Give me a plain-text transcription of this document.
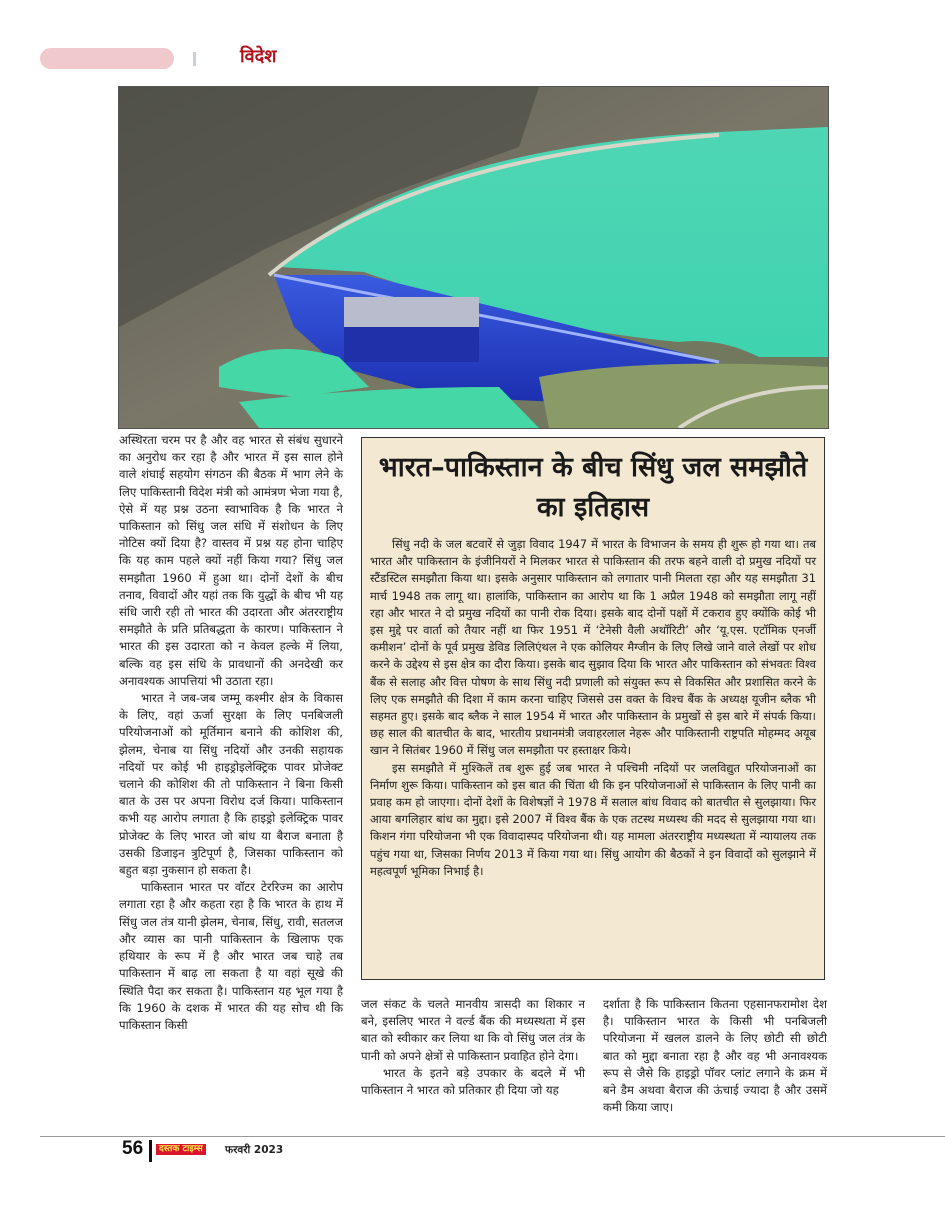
विदेश

अस्थिरता चरम पर है और वह भारत से संबंध सुधारने का अनुरोध कर रहा है और भारत में इस साल होने वाले शंघाई सहयोग संगठन की बैठक में भाग लेने के लिए पाकिस्तानी विदेश मंत्री को आमंत्रण भेजा गया है, ऐसे में यह प्रश्न उठना स्वाभाविक है कि भारत ने पाकिस्तान को सिंधु जल संधि में संशोधन के लिए नोटिस क्यों दिया है? वास्तव में प्रश्न यह होना चाहिए कि यह काम पहले क्यों नहीं किया गया? सिंधु जल समझौता 1960 में हुआ था। दोनों देशों के बीच तनाव, विवादों और यहां तक कि युद्धों के बीच भी यह संधि जारी रही तो भारत की उदारता और अंतरराष्ट्रीय समझौते के प्रति प्रतिबद्धता के कारण। पाकिस्तान ने भारत की इस उदारता को न केवल हल्के में लिया, बल्कि वह इस संधि के प्रावधानों की अनदेखी कर अनावश्यक आपत्तियां भी उठाता रहा।

भारत ने जब-जब जम्मू कश्मीर क्षेत्र के विकास के लिए, वहां ऊर्जा सुरक्षा के लिए पनबिजली परियोजनाओं को मूर्तिमान बनाने की कोशिश की, झेलम, चेनाब या सिंधु नदियों और उनकी सहायक नदियों पर कोई भी हाइड्रोइलेक्ट्रिक पावर प्रोजेक्ट चलाने की कोशिश की तो पाकिस्तान ने बिना किसी बात के उस पर अपना विरोध दर्ज किया। पाकिस्तान कभी यह आरोप लगाता है कि हाइड्रो इलेक्ट्रिक पावर प्रोजेक्ट के लिए भारत जो बांध या बैराज बनाता है उसकी डिजाइन त्रुटिपूर्ण है, जिसका पाकिस्तान को बहुत बड़ा नुकसान हो सकता है।

पाकिस्तान भारत पर वॉटर टेररिज्म का आरोप लगाता रहा है और कहता रहा है कि भारत के हाथ में सिंधु जल तंत्र यानी झेलम, चेनाब, सिंधु, रावी, सतलज और व्यास का पानी पाकिस्तान के खिलाफ एक हथियार के रूप में है और भारत जब चाहे तब पाकिस्तान में बाढ़ ला सकता है या वहां सूखे की स्थिति पैदा कर सकता है। पाकिस्तान यह भूल गया है कि 1960 के दशक में भारत की यह सोच थी कि पाकिस्तान किसी

भारत–पाकिस्तान के बीच सिंधु जल समझौते का इतिहास

सिंधु नदी के जल बटवारें से जुड़ा विवाद 1947 में भारत के विभाजन के समय ही शुरू हो गया था। तब भारत और पाकिस्तान के इंजीनियरों ने मिलकर भारत से पाकिस्तान की तरफ बहने वाली दो प्रमुख नदियों पर स्टैंडस्टिल समझौता किया था। इसके अनुसार पाकिस्तान को लगातार पानी मिलता रहा और यह समझौता 31 मार्च 1948 तक लागू था। हालांकि, पाकिस्तान का आरोप था कि 1 अप्रैल 1948 को समझौता लागू नहीं रहा और भारत ने दो प्रमुख नदियों का पानी रोक दिया। इसके बाद दोनों पक्षों में टकराव हुए क्योंकि कोई भी इस मुद्दे पर वार्ता को तैयार नहीं था फिर 1951 में ‘टेनेसी वैली अथॉरिटी’ और ‘यू.एस. एटॉमिक एनर्जी कमीशन’ दोनों के पूर्व प्रमुख डेविड लिलिएंथल ने एक कोलियर मैग्जीन के लिए लिखे जाने वाले लेखों पर शोध करने के उद्देश्य से इस क्षेत्र का दौरा किया। इसके बाद सुझाव दिया कि भारत और पाकिस्तान को संभवतः विश्व बैंक से सलाह और वित्त पोषण के साथ सिंधु नदी प्रणाली को संयुक्त रूप से विकसित और प्रशासित करने के लिए एक समझौते की दिशा में काम करना चाहिए जिससे उस वक्त के विश्च बैंक के अध्यक्ष यूजीन ब्लैक भी सहमत हुए। इसके बाद ब्लैक ने साल 1954 में भारत और पाकिस्तान के प्रमुखों से इस बारे में संपर्क किया। छह साल की बातचीत के बाद, भारतीय प्रधानमंत्री जवाहरलाल नेहरू और पाकिस्तानी राष्ट्रपति मोहम्मद अयूब खान ने सितंबर 1960 में सिंधु जल समझौता पर हस्ताक्षर किये।

इस समझौते में मुश्किलें तब शुरू हुई जब भारत ने पश्चिमी नदियों पर जलविद्युत परियोजनाओं का निर्माण शुरू किया। पाकिस्तान को इस बात की चिंता थी कि इन परियोजनाओं से पाकिस्तान के लिए पानी का प्रवाह कम हो जाएगा। दोनों देशों के विशेषज्ञों ने 1978 में सलाल बांध विवाद को बातचीत से सुलझाया। फिर आया बगलिहार बांध का मुद्दा। इसे 2007 में विश्व बैंक के एक तटस्थ मध्यस्थ की मदद से सुलझाया गया था। किशन गंगा परियोजना भी एक विवादास्पद परियोजना थी। यह मामला अंतरराष्ट्रीय मध्यस्थता में न्यायालय तक पहुंच गया था, जिसका निर्णय 2013 में किया गया था। सिंधु आयोग की बैठकों ने इन विवादों को सुलझाने में महत्वपूर्ण भूमिका निभाई है।

जल संकट के चलते मानवीय त्रासदी का शिकार न बने, इसलिए भारत ने वर्ल्ड बैंक की मध्यस्थता में इस बात को स्वीकार कर लिया था कि वो सिंधु जल तंत्र के पानी को अपने क्षेत्रों से पाकिस्तान प्रवाहित होने देगा।

भारत के इतने बड़े उपकार के बदले में भी पाकिस्तान ने भारत को प्रतिकार ही दिया जो यह

दर्शाता है कि पाकिस्तान कितना एहसानफरामोश देश है। पाकिस्तान भारत के किसी भी पनबिजली परियोजना में खलल डालने के लिए छोटी सी छोटी बात को मुद्दा बनाता रहा है और वह भी अनावश्यक रूप से जैसे कि हाइड्रो पॉवर प्लांट लगाने के क्रम में बने डैम अथवा बैराज की ऊंचाई ज्यादा है और उसमें कमी किया जाए।

56	दस्तक टाइम्स फरवरी 2023
